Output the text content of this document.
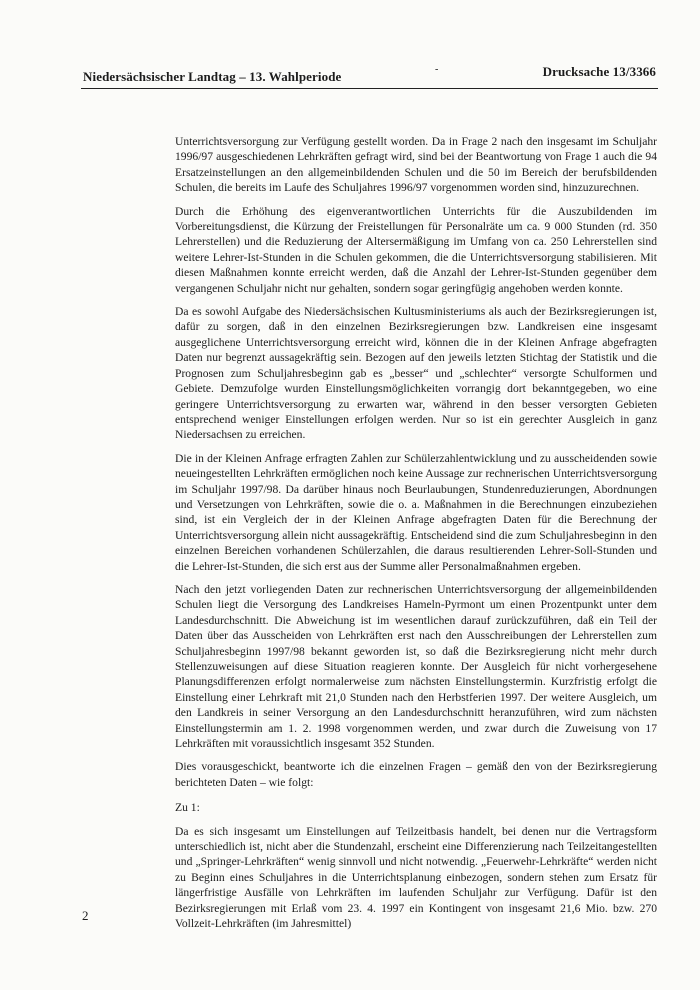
Niedersächsischer Landtag – 13. Wahlperiode	-	Drucksache 13/3366

Unterrichtsversorgung zur Verfügung gestellt worden. Da in Frage 2 nach den insgesamt im Schuljahr 1996/97 ausgeschiedenen Lehrkräften gefragt wird, sind bei der Beantwortung von Frage 1 auch die 94 Ersatzeinstellungen an den allgemeinbildenden Schulen und die 50 im Bereich der berufsbildenden Schulen, die bereits im Laufe des Schuljahres 1996/97 vorgenommen worden sind, hinzuzurechnen.

Durch die Erhöhung des eigenverantwortlichen Unterrichts für die Auszubildenden im Vorbereitungsdienst, die Kürzung der Freistellungen für Personalräte um ca. 9 000 Stunden (rd. 350 Lehrerstellen) und die Reduzierung der Altersermäßigung im Umfang von ca. 250 Lehrerstellen sind weitere Lehrer-Ist-Stunden in die Schulen gekommen, die die Unterrichtsversorgung stabilisieren. Mit diesen Maßnahmen konnte erreicht werden, daß die Anzahl der Lehrer-Ist-Stunden gegenüber dem vergangenen Schuljahr nicht nur gehalten, sondern sogar geringfügig angehoben werden konnte.

Da es sowohl Aufgabe des Niedersächsischen Kultusministeriums als auch der Bezirksregierungen ist, dafür zu sorgen, daß in den einzelnen Bezirksregierungen bzw. Landkreisen eine insgesamt ausgeglichene Unterrichtsversorgung erreicht wird, können die in der Kleinen Anfrage abgefragten Daten nur begrenzt aussagekräftig sein. Bezogen auf den jeweils letzten Stichtag der Statistik und die Prognosen zum Schuljahresbeginn gab es „besser“ und „schlechter“ versorgte Schulformen und Gebiete. Demzufolge wurden Einstellungsmöglichkeiten vorrangig dort bekanntgegeben, wo eine geringere Unterrichtsversorgung zu erwarten war, während in den besser versorgten Gebieten entsprechend weniger Einstellungen erfolgen werden. Nur so ist ein gerechter Ausgleich in ganz Niedersachsen zu erreichen.

Die in der Kleinen Anfrage erfragten Zahlen zur Schülerzahlentwicklung und zu ausscheidenden sowie neueingestellten Lehrkräften ermöglichen noch keine Aussage zur rechnerischen Unterrichtsversorgung im Schuljahr 1997/98. Da darüber hinaus noch Beurlaubungen, Stundenreduzierungen, Abordnungen und Versetzungen von Lehrkräften, sowie die o. a. Maßnahmen in die Berechnungen einzubeziehen sind, ist ein Vergleich der in der Kleinen Anfrage abgefragten Daten für die Berechnung der Unterrichtsversorgung allein nicht aussagekräftig. Entscheidend sind die zum Schuljahresbeginn in den einzelnen Bereichen vorhandenen Schülerzahlen, die daraus resultierenden Lehrer-Soll-Stunden und die Lehrer-Ist-Stunden, die sich erst aus der Summe aller Personalmaßnahmen ergeben.

Nach den jetzt vorliegenden Daten zur rechnerischen Unterrichtsversorgung der allgemeinbildenden Schulen liegt die Versorgung des Landkreises Hameln-Pyrmont um einen Prozentpunkt unter dem Landesdurchschnitt. Die Abweichung ist im wesentlichen darauf zurückzuführen, daß ein Teil der Daten über das Ausscheiden von Lehrkräften erst nach den Ausschreibungen der Lehrerstellen zum Schuljahresbeginn 1997/98 bekannt geworden ist, so daß die Bezirksregierung nicht mehr durch Stellenzuweisungen auf diese Situation reagieren konnte. Der Ausgleich für nicht vorhergesehene Planungsdifferenzen erfolgt normalerweise zum nächsten Einstellungstermin. Kurzfristig erfolgt die Einstellung einer Lehrkraft mit 21,0 Stunden nach den Herbstferien 1997. Der weitere Ausgleich, um den Landkreis in seiner Versorgung an den Landesdurchschnitt heranzuführen, wird zum nächsten Einstellungstermin am 1. 2. 1998 vorgenommen werden, und zwar durch die Zuweisung von 17 Lehrkräften mit voraussichtlich insgesamt 352 Stunden.

Dies vorausgeschickt, beantworte ich die einzelnen Fragen – gemäß den von der Bezirksregierung berichteten Daten – wie folgt:

Zu 1:

Da es sich insgesamt um Einstellungen auf Teilzeitbasis handelt, bei denen nur die Vertragsform unterschiedlich ist, nicht aber die Stundenzahl, erscheint eine Differenzierung nach Teilzeitangestellten und „Springer-Lehrkräften“ wenig sinnvoll und nicht notwendig. „Feuerwehr-Lehrkräfte“ werden nicht zu Beginn eines Schuljahres in die Unterrichtsplanung einbezogen, sondern stehen zum Ersatz für längerfristige Ausfälle von Lehrkräften im laufenden Schuljahr zur Verfügung. Dafür ist den Bezirksregierungen mit Erlaß vom 23. 4. 1997 ein Kontingent von insgesamt 21,6 Mio. bzw. 270 Vollzeit-Lehrkräften (im Jahresmittel)

2
